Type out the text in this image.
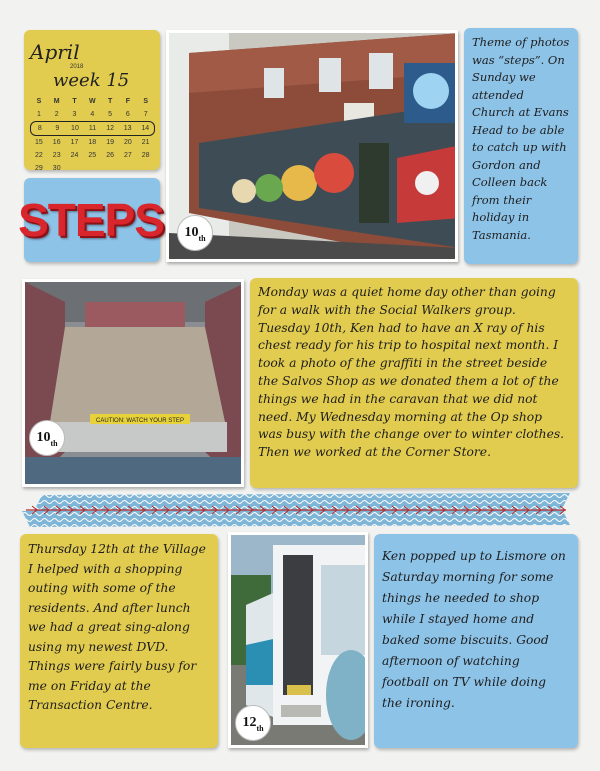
April
2018
week 15
S	M	T	W	T	F	S
1	2	3	4	5	6	7
8	9	10	11	12	13	14
15	16	17	18	19	20	21
22	23	24	25	26	27	28
29	30
STEPS $10_{th}$

Theme of photos was “steps”. On Sunday we attended Church at Evans Head to be able to catch up with Gordon and Colleen back from their holiday in Tasmania.

CAUTION: WATCH YOUR STEP
$10_{th}$

Monday was a quiet home day other than going for a walk with the Social Walkers group. Tuesday 10th, Ken had to have an X ray of his chest ready for his trip to hospital next month. I took a photo of the graffiti in the street beside the Salvos Shop as we donated them a lot of the things we had in the caravan that we did not need. My Wednesday morning at the Op shop was busy with the change over to winter clothes. Then we worked at the Corner Store.

Thursday 12th at the Village I helped with a shopping outing with some of the residents. And after lunch we had a great sing-along using my newest DVD. Things were fairly busy for me on Friday at the Transaction Centre.

$12_{th}$

Ken popped up to Lismore on Saturday morning for some things he needed to shop while I stayed home and baked some biscuits. Good afternoon of watching football on TV while doing the ironing.
